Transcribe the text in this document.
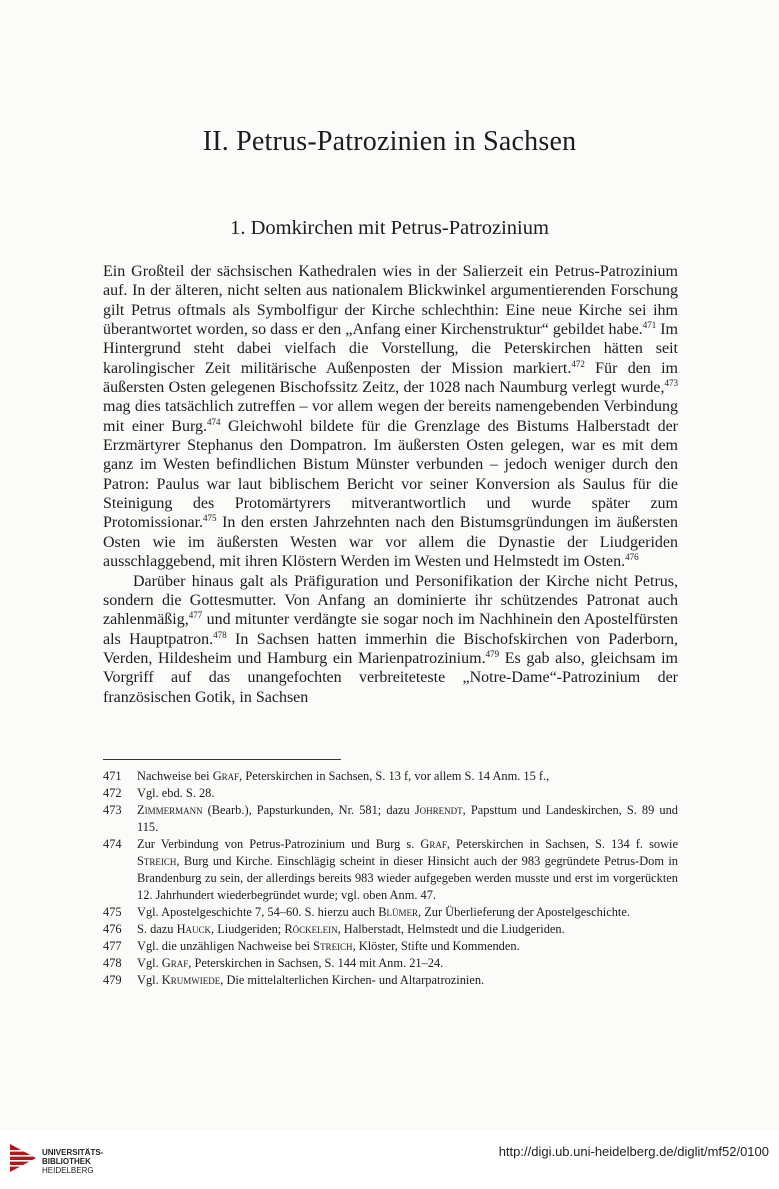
II. Petrus-Patrozinien in Sachsen
1. Domkirchen mit Petrus-Patrozinium

Ein Großteil der sächsischen Kathedralen wies in der Salierzeit ein Petrus-Patrozinium auf. In der älteren, nicht selten aus nationalem Blickwinkel argumentierenden Forschung gilt Petrus oftmals als Symbolfigur der Kirche schlechthin: Eine neue Kirche sei ihm überantwortet worden, so dass er den „Anfang einer Kirchenstruktur“ gebildet habe.$^{471}$ Im Hintergrund steht dabei vielfach die Vorstellung, die Peterskirchen hätten seit karolingischer Zeit militärische Außenposten der Mission markiert.$^{472}$ Für den im äußersten Osten gelegenen Bischofssitz Zeitz, der 1028 nach Naumburg verlegt wurde,$^{473}$ mag dies tatsächlich zutreffen – vor allem wegen der bereits namengebenden Verbindung mit einer Burg.$^{474}$ Gleichwohl bildete für die Grenzlage des Bistums Halberstadt der Erzmärtyrer Stephanus den Dompatron. Im äußersten Osten gelegen, war es mit dem ganz im Westen befindlichen Bistum Münster verbunden – jedoch weniger durch den Patron: Paulus war laut biblischem Bericht vor seiner Konversion als Saulus für die Steinigung des Protomärtyrers mitverantwortlich und wurde später zum Protomissionar.$^{475}$ In den ersten Jahrzehnten nach den Bistumsgründungen im äußersten Osten wie im äußersten Westen war vor allem die Dynastie der Liudgeriden ausschlaggebend, mit ihren Klöstern Werden im Westen und Helmstedt im Osten.$^{476}$

Darüber hinaus galt als Präfiguration und Personifikation der Kirche nicht Petrus, sondern die Gottesmutter. Von Anfang an dominierte ihr schützendes Patronat auch zahlenmäßig,$^{477}$ und mitunter verdängte sie sogar noch im Nachhinein den Apostelfürsten als Hauptpatron.$^{478}$ In Sachsen hatten immerhin die Bischofskirchen von Paderborn, Verden, Hildesheim und Hamburg ein Marienpatrozinium.$^{479}$ Es gab also, gleichsam im Vorgriff auf das unangefochten verbreiteteste „Notre-Dame“-Patrozinium der französischen Gotik, in Sachsen

471 Nachweise bei Graf, Peterskirchen in Sachsen, S. 13 f, vor allem S. 14 Anm. 15 f.,

472 Vgl. ebd. S. 28.

473 Zimmermann (Bearb.), Papsturkunden, Nr. 581; dazu Johrendt, Papsttum und Landeskirchen, S. 89 und 115.

474 Zur Verbindung von Petrus-Patrozinium und Burg s. Graf, Peterskirchen in Sachsen, S. 134 f. sowie Streich, Burg und Kirche. Einschlägig scheint in dieser Hinsicht auch der 983 gegründete Petrus-Dom in Brandenburg zu sein, der allerdings bereits 983 wieder aufgegeben werden musste und erst im vorgerückten 12. Jahrhundert wiederbegründet wurde; vgl. oben Anm. 47.

475 Vgl. Apostelgeschichte 7, 54–60. S. hierzu auch Blümer, Zur Überlieferung der Apostelgeschichte.

476 S. dazu Hauck, Liudgeriden; Röckelein, Halberstadt, Helmstedt und die Liudgeriden.

477 Vgl. die unzähligen Nachweise bei Streich, Klöster, Stifte und Kommenden.

478 Vgl. Graf, Peterskirchen in Sachsen, S. 144 mit Anm. 21–24.

479 Vgl. Krumwiede, Die mittelalterlichen Kirchen- und Altarpatrozinien.

UNIVERSITÄTS-
BIBLIOTHEK
HEIDELBERG
http://digi.ub.uni-heidelberg.de/diglit/mf52/0100
